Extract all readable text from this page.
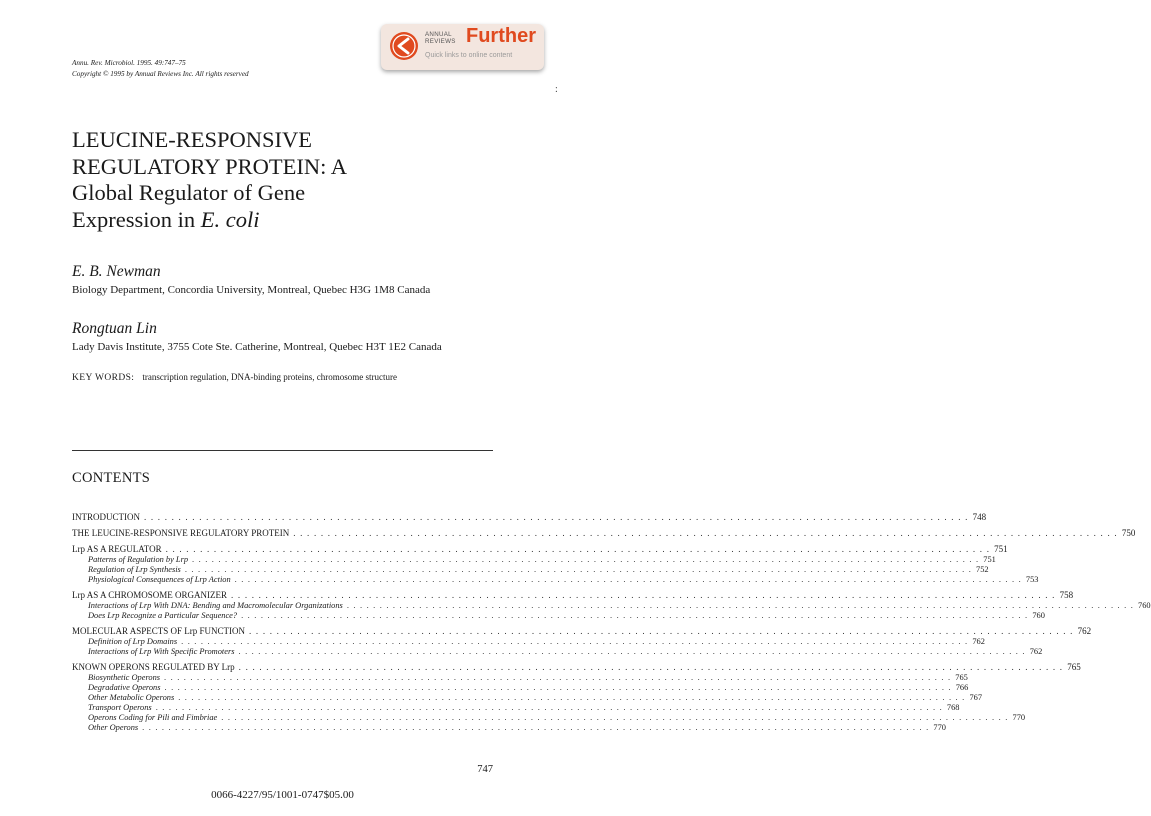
Annu. Rev. Microbiol. 1995. 49:747–75
Copyright © 1995 by Annual Reviews Inc. All rights reserved
ANNUAL
REVIEWS Further
Quick links to online content
:
LEUCINE-RESPONSIVE
REGULATORY PROTEIN: A
Global Regulator of Gene
Expression in E. coli
E. B. Newman
Biology Department, Concordia University, Montreal, Quebec H3G 1M8 Canada
Rongtuan Lin
Lady Davis Institute, 3755 Cote Ste. Catherine, Montreal, Quebec H3T 1E2 Canada
KEY WORDS: transcription regulation, DNA-binding proteins, chromosome structure
CONTENTS
INTRODUCTION . . . . . . . . . . . . . . . . . . . . . . . . . . . . . . . . . . . . . . . . . . . . . . . . . . . . . . . . . . . . . . . . . . . . . . . . . . . . . . . . . . . . . . . . . . . . . . . . . . . . . . . . . . . . . . . . . . . . . . . . 748
THE LEUCINE-RESPONSIVE REGULATORY PROTEIN . . . . . . . . . . . . . . . . . . . . . . . . . . . . . . . . . . . . . . . . . . . . . . . . . . . . . . . . . . . . . . . . . . . . . . . . . . . . . . . . . . . . . . . . . . . . . . . . . . . . . . . . . . . . . . . . . . . . . . . . 750
Lrp AS A REGULATOR . . . . . . . . . . . . . . . . . . . . . . . . . . . . . . . . . . . . . . . . . . . . . . . . . . . . . . . . . . . . . . . . . . . . . . . . . . . . . . . . . . . . . . . . . . . . . . . . . . . . . . . . . . . . . . . . . . . . . . . . 751
Patterns of Regulation by Lrp . . . . . . . . . . . . . . . . . . . . . . . . . . . . . . . . . . . . . . . . . . . . . . . . . . . . . . . . . . . . . . . . . . . . . . . . . . . . . . . . . . . . . . . . . . . . . . . . . . . . . . . . . . . . . . . . . . . . . . . . 751
Regulation of Lrp Synthesis . . . . . . . . . . . . . . . . . . . . . . . . . . . . . . . . . . . . . . . . . . . . . . . . . . . . . . . . . . . . . . . . . . . . . . . . . . . . . . . . . . . . . . . . . . . . . . . . . . . . . . . . . . . . . . . . . . . . . . . . 752
Physiological Consequences of Lrp Action . . . . . . . . . . . . . . . . . . . . . . . . . . . . . . . . . . . . . . . . . . . . . . . . . . . . . . . . . . . . . . . . . . . . . . . . . . . . . . . . . . . . . . . . . . . . . . . . . . . . . . . . . . . . . . . . . . . . . . . . 753
Lrp AS A CHROMOSOME ORGANIZER . . . . . . . . . . . . . . . . . . . . . . . . . . . . . . . . . . . . . . . . . . . . . . . . . . . . . . . . . . . . . . . . . . . . . . . . . . . . . . . . . . . . . . . . . . . . . . . . . . . . . . . . . . . . . . . . . . . . . . . . 758
Interactions of Lrp With DNA: Bending and Macromolecular Organizations . . . . . . . . . . . . . . . . . . . . . . . . . . . . . . . . . . . . . . . . . . . . . . . . . . . . . . . . . . . . . . . . . . . . . . . . . . . . . . . . . . . . . . . . . . . . . . . . . . . . . . . . . . . . . . . . . . . . . . . . 760
Does Lrp Recognize a Particular Sequence? . . . . . . . . . . . . . . . . . . . . . . . . . . . . . . . . . . . . . . . . . . . . . . . . . . . . . . . . . . . . . . . . . . . . . . . . . . . . . . . . . . . . . . . . . . . . . . . . . . . . . . . . . . . . . . . . . . . . . . . . 760
MOLECULAR ASPECTS OF Lrp FUNCTION . . . . . . . . . . . . . . . . . . . . . . . . . . . . . . . . . . . . . . . . . . . . . . . . . . . . . . . . . . . . . . . . . . . . . . . . . . . . . . . . . . . . . . . . . . . . . . . . . . . . . . . . . . . . . . . . . . . . . . . . 762
Definition of Lrp Domains . . . . . . . . . . . . . . . . . . . . . . . . . . . . . . . . . . . . . . . . . . . . . . . . . . . . . . . . . . . . . . . . . . . . . . . . . . . . . . . . . . . . . . . . . . . . . . . . . . . . . . . . . . . . . . . . . . . . . . . . 762
Interactions of Lrp With Specific Promoters . . . . . . . . . . . . . . . . . . . . . . . . . . . . . . . . . . . . . . . . . . . . . . . . . . . . . . . . . . . . . . . . . . . . . . . . . . . . . . . . . . . . . . . . . . . . . . . . . . . . . . . . . . . . . . . . . . . . . . . . 762
KNOWN OPERONS REGULATED BY Lrp . . . . . . . . . . . . . . . . . . . . . . . . . . . . . . . . . . . . . . . . . . . . . . . . . . . . . . . . . . . . . . . . . . . . . . . . . . . . . . . . . . . . . . . . . . . . . . . . . . . . . . . . . . . . . . . . . . . . . . . . 765
Biosynthetic Operons . . . . . . . . . . . . . . . . . . . . . . . . . . . . . . . . . . . . . . . . . . . . . . . . . . . . . . . . . . . . . . . . . . . . . . . . . . . . . . . . . . . . . . . . . . . . . . . . . . . . . . . . . . . . . . . . . . . . . . . . 765
Degradative Operons . . . . . . . . . . . . . . . . . . . . . . . . . . . . . . . . . . . . . . . . . . . . . . . . . . . . . . . . . . . . . . . . . . . . . . . . . . . . . . . . . . . . . . . . . . . . . . . . . . . . . . . . . . . . . . . . . . . . . . . . 766
Other Metabolic Operons . . . . . . . . . . . . . . . . . . . . . . . . . . . . . . . . . . . . . . . . . . . . . . . . . . . . . . . . . . . . . . . . . . . . . . . . . . . . . . . . . . . . . . . . . . . . . . . . . . . . . . . . . . . . . . . . . . . . . . . . 767
Transport Operons . . . . . . . . . . . . . . . . . . . . . . . . . . . . . . . . . . . . . . . . . . . . . . . . . . . . . . . . . . . . . . . . . . . . . . . . . . . . . . . . . . . . . . . . . . . . . . . . . . . . . . . . . . . . . . . . . . . . . . . . 768
Operons Coding for Pili and Fimbriae . . . . . . . . . . . . . . . . . . . . . . . . . . . . . . . . . . . . . . . . . . . . . . . . . . . . . . . . . . . . . . . . . . . . . . . . . . . . . . . . . . . . . . . . . . . . . . . . . . . . . . . . . . . . . . . . . . . . . . . . 770
Other Operons . . . . . . . . . . . . . . . . . . . . . . . . . . . . . . . . . . . . . . . . . . . . . . . . . . . . . . . . . . . . . . . . . . . . . . . . . . . . . . . . . . . . . . . . . . . . . . . . . . . . . . . . . . . . . . . . . . . . . . . . 770
747
0066-4227/95/1001-0747$05.00
